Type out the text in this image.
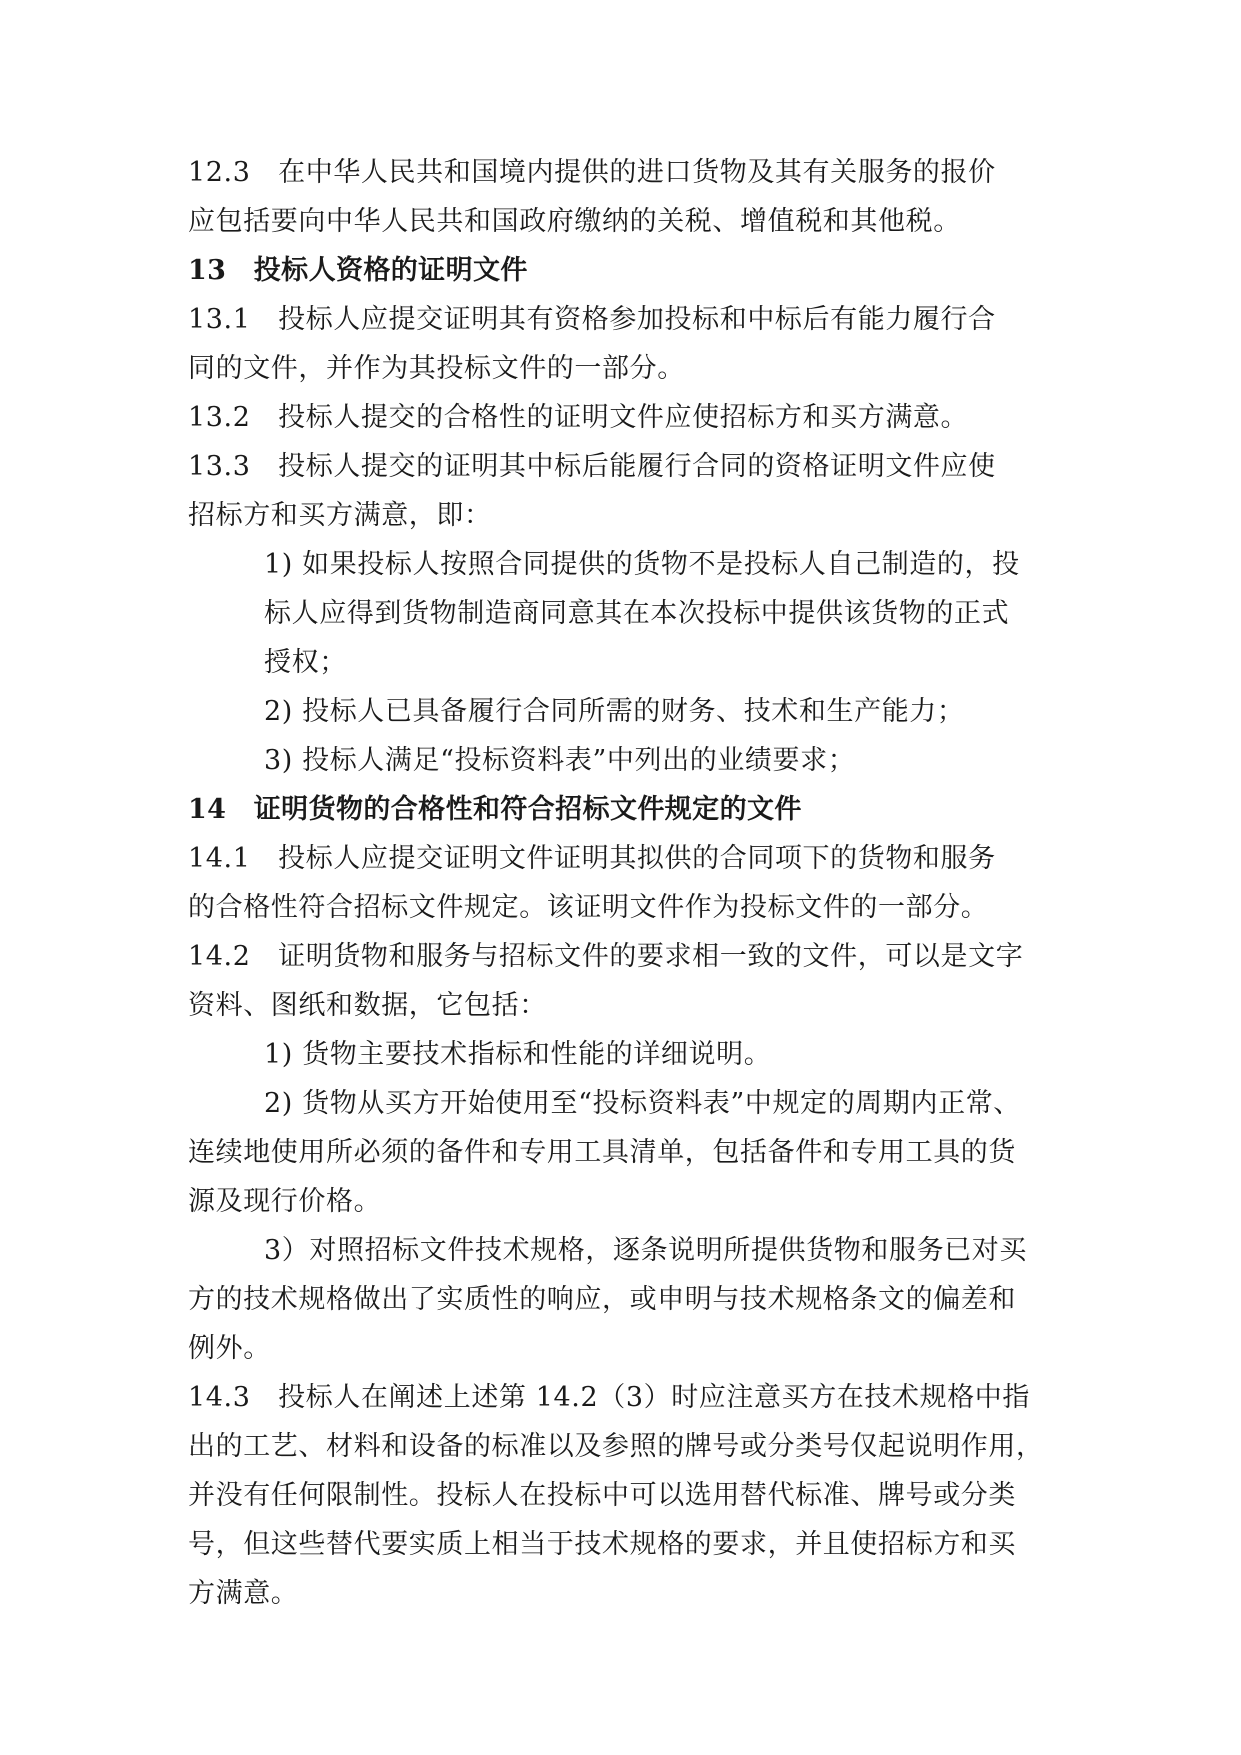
12.3　在中华人民共和国境内提供的进口货物及其有关服务的报价
应包括要向中华人民共和国政府缴纳的关税、增值税和其他税。
13　投标人资格的证明文件
13.1　投标人应提交证明其有资格参加投标和中标后有能力履行合
同的文件，并作为其投标文件的一部分。
13.2　投标人提交的合格性的证明文件应使招标方和买方满意。
13.3　投标人提交的证明其中标后能履行合同的资格证明文件应使
招标方和买方满意，即：
1) 如果投标人按照合同提供的货物不是投标人自己制造的，投
标人应得到货物制造商同意其在本次投标中提供该货物的正式
授权；
2) 投标人已具备履行合同所需的财务、技术和生产能力；
3) 投标人满足“投标资料表”中列出的业绩要求；
14　证明货物的合格性和符合招标文件规定的文件
14.1　投标人应提交证明文件证明其拟供的合同项下的货物和服务
的合格性符合招标文件规定。该证明文件作为投标文件的一部分。
14.2　证明货物和服务与招标文件的要求相一致的文件，可以是文字
资料、图纸和数据，它包括：
1) 货物主要技术指标和性能的详细说明。
2) 货物从买方开始使用至“投标资料表”中规定的周期内正常、
连续地使用所必须的备件和专用工具清单，包括备件和专用工具的货
源及现行价格。
3）对照招标文件技术规格，逐条说明所提供货物和服务已对买
方的技术规格做出了实质性的响应，或申明与技术规格条文的偏差和
例外。
14.3　投标人在阐述上述第 14.2（3）时应注意买方在技术规格中指
出的工艺、材料和设备的标准以及参照的牌号或分类号仅起说明作用，
并没有任何限制性。投标人在投标中可以选用替代标准、牌号或分类
号，但这些替代要实质上相当于技术规格的要求，并且使招标方和买
方满意。
